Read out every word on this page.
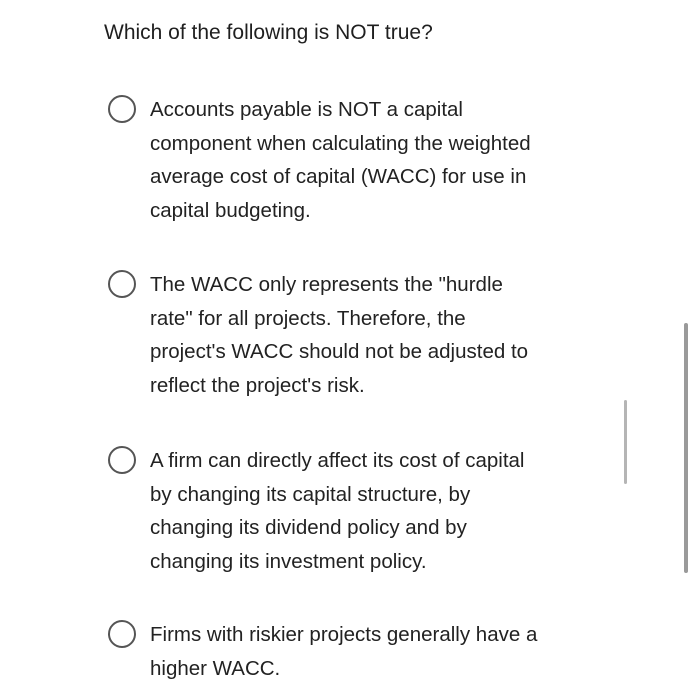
Which of the following is NOT true?
Accounts payable is NOT a capital
component when calculating the weighted
average cost of capital (WACC) for use in
capital budgeting.
The WACC only represents the "hurdle
rate" for all projects. Therefore, the
project's WACC should not be adjusted to
reflect the project's risk.
A firm can directly affect its cost of capital
by changing its capital structure, by
changing its dividend policy and by
changing its investment policy.
Firms with riskier projects generally have a
higher WACC.
